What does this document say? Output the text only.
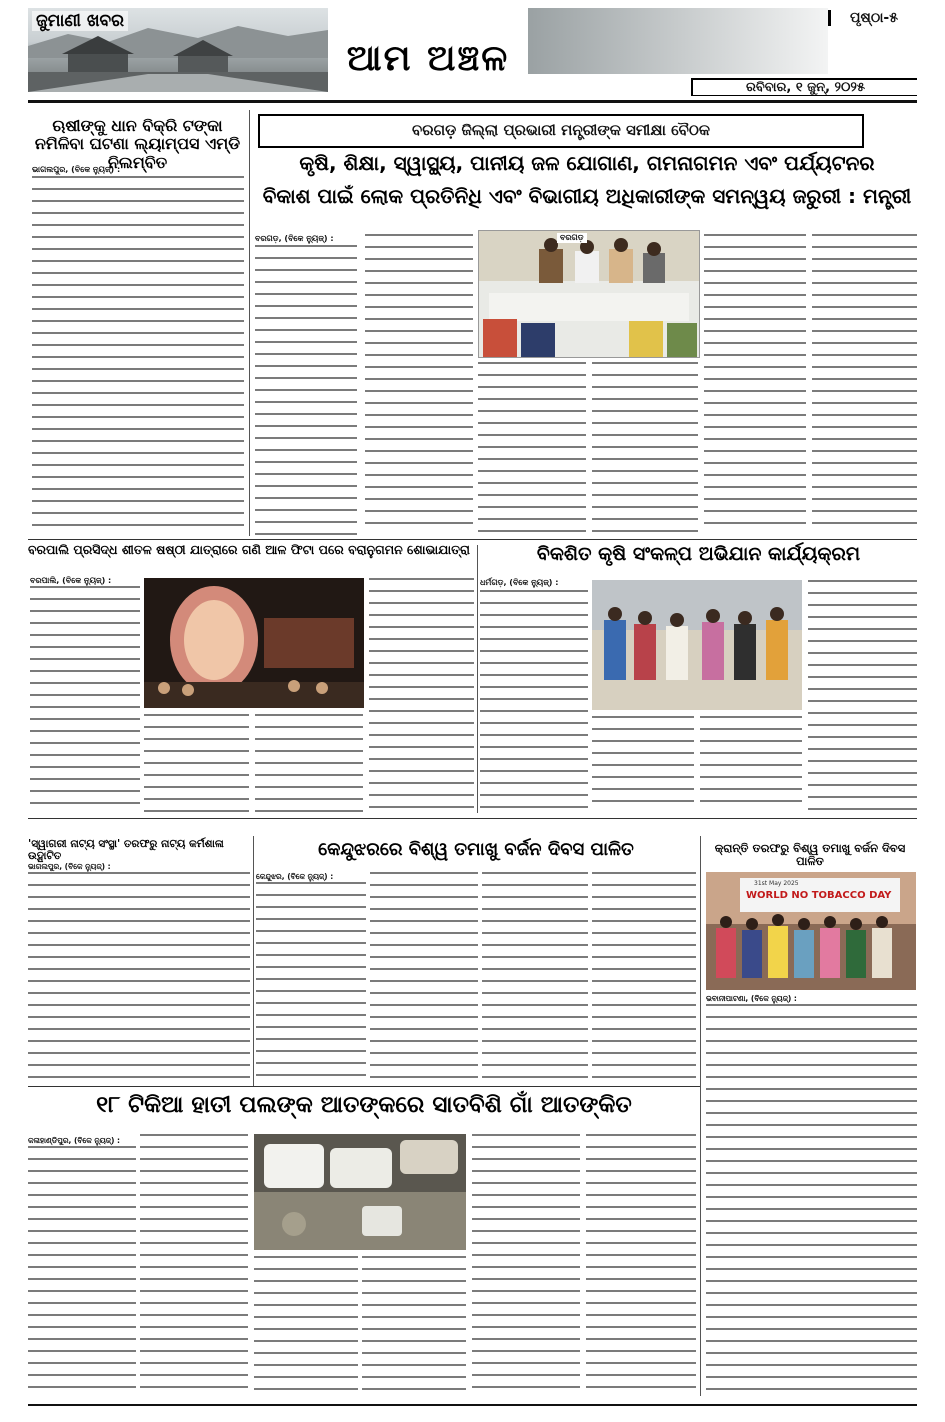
ଜୁମାଣୀ ଖବର
ଆମ ଅଞ୍ଚଳ
ପୃଷ୍ଠା-୫
ରବିବାର, ୧ ଜୁନ୍, ୨୦୨୫
ଋଷୀଙ୍କୁ ଧାନ ବିକ୍ରି ଟଙ୍କା ନମିଳିବା ଘଟଣା ଲ୍ୟାମ୍ପସ ଏମ୍ଡି ନିଲମ୍ବିତ
ଭାଗଲପୁର, (ବିକେ ନ୍ୟୁଜ୍) :
ବରଗଡ଼ ଜିଲ୍ଲା ପ୍ରଭାରୀ ମନ୍ତ୍ରୀଙ୍କ ସମୀକ୍ଷା ବୈଠକ
କୃଷି, ଶିକ୍ଷା, ସ୍ୱାସ୍ଥ୍ୟ, ପାନୀୟ ଜଳ ଯୋଗାଣ, ଗମନାଗମନ ଏବଂ ପର୍ଯ୍ୟଟନର
ବିକାଶ ପାଇଁ ଲୋକ ପ୍ରତିନିଧି ଏବଂ ବିଭାଗୀୟ ଅଧିକାରୀଙ୍କ ସମନ୍ୱୟ ଜରୁରୀ : ମନ୍ତ୍ରୀ
ବରଗଡ଼, (ବିକେ ନ୍ୟୁଜ୍) :	ବରଗଡ଼
ବରପାଲି ପ୍ରସିଦ୍ଧ ଶୀତଳ ଷଷ୍ଠୀ ଯାତ୍ରାରେ ଗଣି ଆଳ ଫିଟା ପରେ ବରାନୁଗମନ ଶୋଭାଯାତ୍ରା
ବରପାଲି, (ବିକେ ନ୍ୟୁଜ୍) :
ବିକଶିତ କୃଷି ସଂକଳ୍ପ ଅଭିଯାନ କାର୍ଯ୍ୟକ୍ରମ
ଧର୍ମଗଡ଼, (ବିକେ ନ୍ୟୁଜ୍) :
'ସ୍ୱାଗରୀ ନାଟ୍ୟ ସଂସ୍ଥା' ତରଫରୁ ନାଟ୍ୟ କର୍ମଶାଳା ଉଦ୍ଘାଟିତ
ଭାଗଲପୁର, (ବିକେ ନ୍ୟୁଜ୍) :
କେନ୍ଦୁଝରରେ ବିଶ୍ୱ ତମାଖୁ ବର୍ଜନ ଦିବସ ପାଳିତ
କେନ୍ଦୁଝର, (ବିକେ ନ୍ୟୁଜ୍) :
କ୍ରାନ୍ତି ତରଫରୁ ବିଶ୍ୱ ତମାଖୁ ବର୍ଜନ ଦିବସ ପାଳିତ
31st May 2025
WORLD NO TOBACCO DAY
ଭବାନୀପାଟଣା, (ବିକେ ନ୍ୟୁଜ୍) :
୧୮ ଟିକିଆ ହାତୀ ପଲଙ୍କ ଆତଙ୍କରେ ସାତବିଶି ଗାଁ ଆତଙ୍କିତ
କଳାହାଣ୍ଡିପୁର, (ବିକେ ନ୍ୟୁଜ୍) :
